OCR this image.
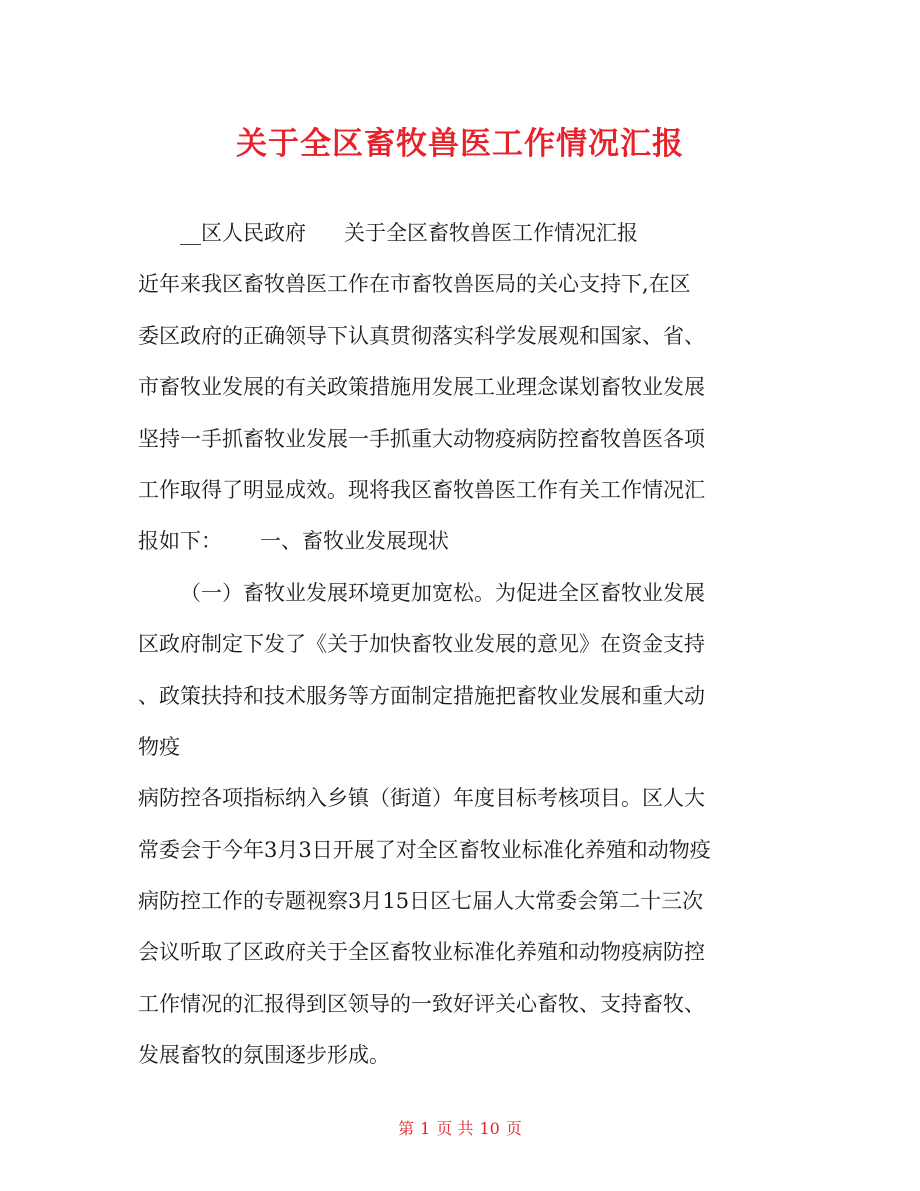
关于全区畜牧兽医工作情况汇报
__区人民政府 关于全区畜牧兽医工作情况汇报
近年来我区畜牧兽医工作在市畜牧兽医局的关心支持下,在区
委区政府的正确领导下认真贯彻落实科学发展观和国家、省、
市畜牧业发展的有关政策措施用发展工业理念谋划畜牧业发展
坚持一手抓畜牧业发展一手抓重大动物疫病防控畜牧兽医各项
工作取得了明显成效。现将我区畜牧兽医工作有关工作情况汇
报如下： 一、畜牧业发展现状
（一）畜牧业发展环境更加宽松。为促进全区畜牧业发展
区政府制定下发了《关于加快畜牧业发展的意见》在资金支持
、政策扶持和技术服务等方面制定措施把畜牧业发展和重大动
物疫
病防控各项指标纳入乡镇（街道）年度目标考核项目。区人大
常委会于今年3月3日开展了对全区畜牧业标准化养殖和动物疫
病防控工作的专题视察3月15日区七届人大常委会第二十三次
会议听取了区政府关于全区畜牧业标准化养殖和动物疫病防控
工作情况的汇报得到区领导的一致好评关心畜牧、支持畜牧、
发展畜牧的氛围逐步形成。
第 1 页 共 10 页
